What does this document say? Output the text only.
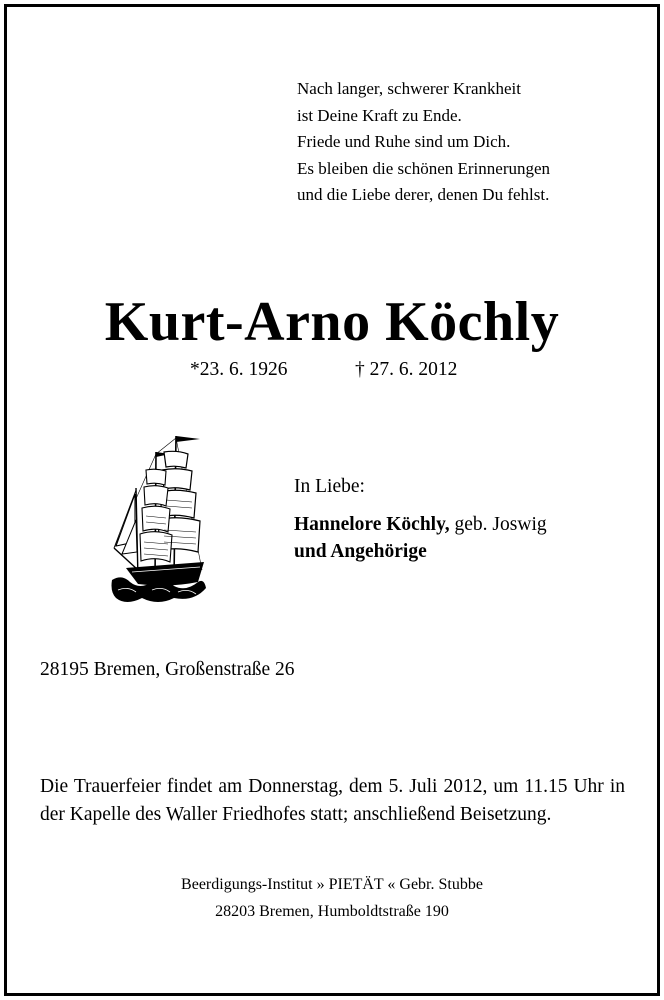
Nach langer, schwerer Krankheit
ist Deine Kraft zu Ende.
Friede und Ruhe sind um Dich.
Es bleiben die schönen Erinnerungen
und die Liebe derer, denen Du fehlst.
Kurt-Arno Köchly
*23. 6. 1926	† 27. 6. 2012
In Liebe:
Hannelore Köchly, geb. Joswig
und Angehörige
28195 Bremen, Großenstraße 26
Die Trauerfeier findet am Donnerstag, dem 5. Juli 2012, um 11.15 Uhr in der Kapelle des Waller Friedhofes statt; anschließend Beisetzung.
Beerdigungs-Institut » PIETÄT « Gebr. Stubbe
28203 Bremen, Humboldtstraße 190
